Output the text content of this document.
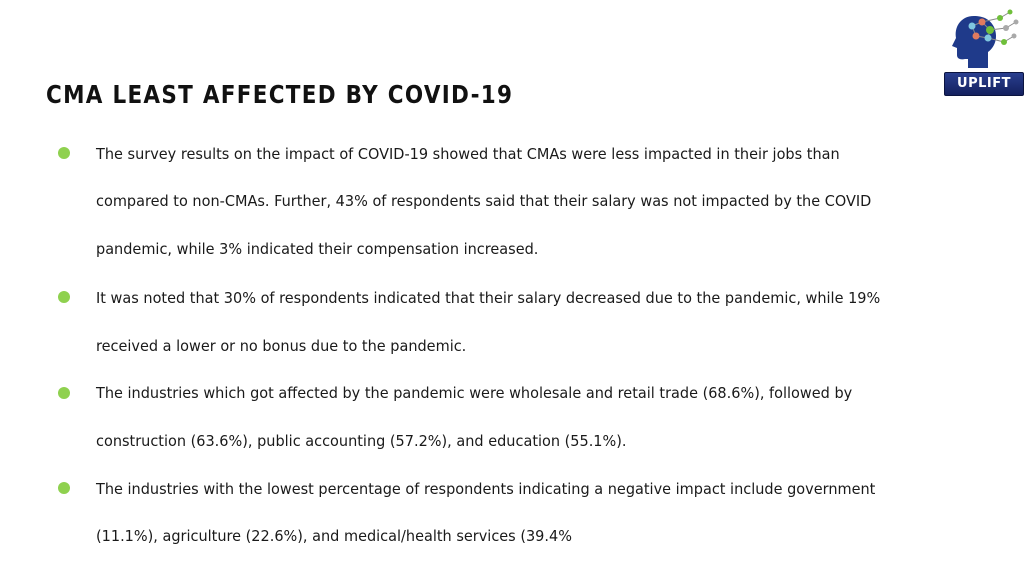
UPLIFT
CMA LEAST AFFECTED BY COVID-19
The survey results on the impact of COVID-19 showed that CMAs were less impacted in their jobs than
compared to non-CMAs. Further, 43% of respondents said that their salary was not impacted by the COVID
pandemic, while 3% indicated their compensation increased.
It was noted that 30% of respondents indicated that their salary decreased due to the pandemic, while 19%
received a lower or no bonus due to the pandemic.
The industries which got affected by the pandemic were wholesale and retail trade (68.6%), followed by
construction (63.6%), public accounting (57.2%), and education (55.1%).
The industries with the lowest percentage of respondents indicating a negative impact include government
(11.1%), agriculture (22.6%), and medical/health services (39.4%
